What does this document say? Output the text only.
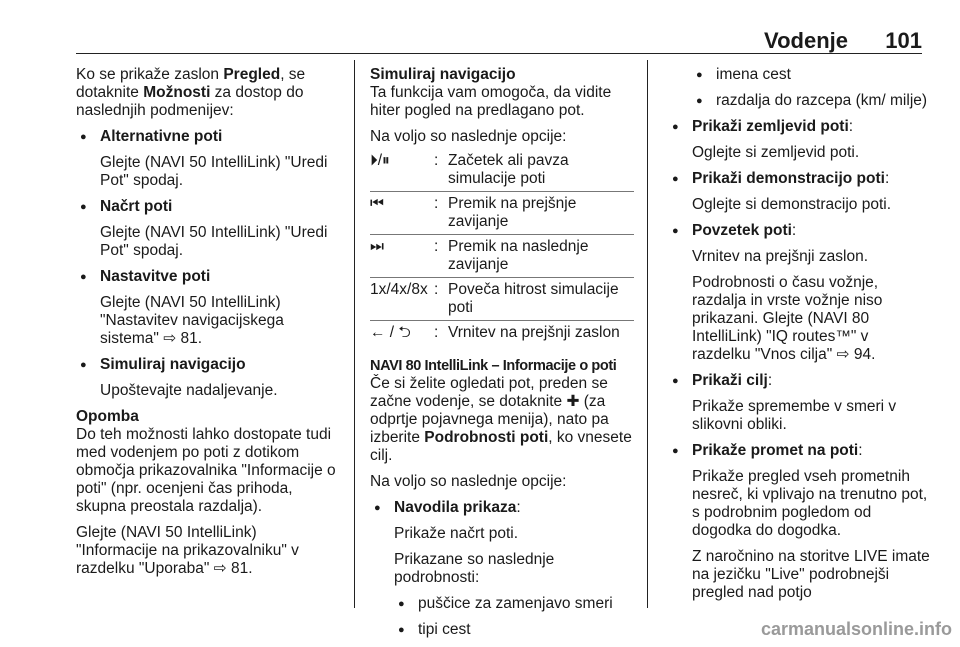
Vodenje 101

Ko se prikaže zaslon Pregled, se dotaknite Možnosti za dostop do naslednjih podmenijev:

● Alternativne poti
Glejte (NAVI 50 IntelliLink) "Uredi Pot" spodaj.
● Načrt poti
Glejte (NAVI 50 IntelliLink) "Uredi Pot" spodaj.
● Nastavitve poti
Glejte (NAVI 50 IntelliLink) "Nastavitev navigacijskega sistema" ⇨ 81.
● Simuliraj navigacijo
Upoštevajte nadaljevanje.
Opomba

Do teh možnosti lahko dostopate tudi med vodenjem po poti z dotikom območja prikazovalnika "Informacije o poti" (npr. ocenjeni čas prihoda, skupna preostala razdalja).

Glejte (NAVI 50 IntelliLink) "Informacije na prikazovalniku" v razdelku "Uporaba" ⇨ 81.

Simuliraj navigacijo

Ta funkcija vam omogoča, da vidite hiter pogled na predlagano pot.

Na voljo so naslednje opcije:
⏵/⏸	: Začetek ali pavza simulacije poti
⏮	: Premik na prejšnje zavijanje
⏭	: Premik na naslednje zavijanje
1x/4x/8x : Poveča hitrost simulacije poti
← / ⮌	: Vrnitev na prejšnji zaslon
NAVI 80 IntelliLink – Informacije o poti

Če si želite ogledati pot, preden se začne vodenje, se dotaknite ✚ (za odprtje pojavnega menija), nato pa izberite Podrobnosti poti, ko vnesete cilj.

Na voljo so naslednje opcije:

● Navodila prikaza:
Prikaže načrt poti.
Prikazane so naslednje podrobnosti:
● puščice za zamenjavo smeri
● tipi cest
● imena cest
● razdalja do razcepa (km/ milje)
● Prikaži zemljevid poti:
Oglejte si zemljevid poti.
● Prikaži demonstracijo poti:
Oglejte si demonstracijo poti.
● Povzetek poti:
Vrnitev na prejšnji zaslon.
Podrobnosti o času vožnje, razdalja in vrste vožnje niso prikazani. Glejte (NAVI 80 IntelliLink) "IQ routes™" v razdelku "Vnos cilja" ⇨ 94.
● Prikaži cilj:
Prikaže spremembe v smeri v slikovni obliki.
● Prikaže promet na poti:
Prikaže pregled vseh prometnih nesreč, ki vplivajo na trenutno pot, s podrobnim pogledom od dogodka do dogodka.
Z naročnino na storitve LIVE imate na jezičku "Live" podrobnejši pregled nad potjo
carmanualsonline.info
